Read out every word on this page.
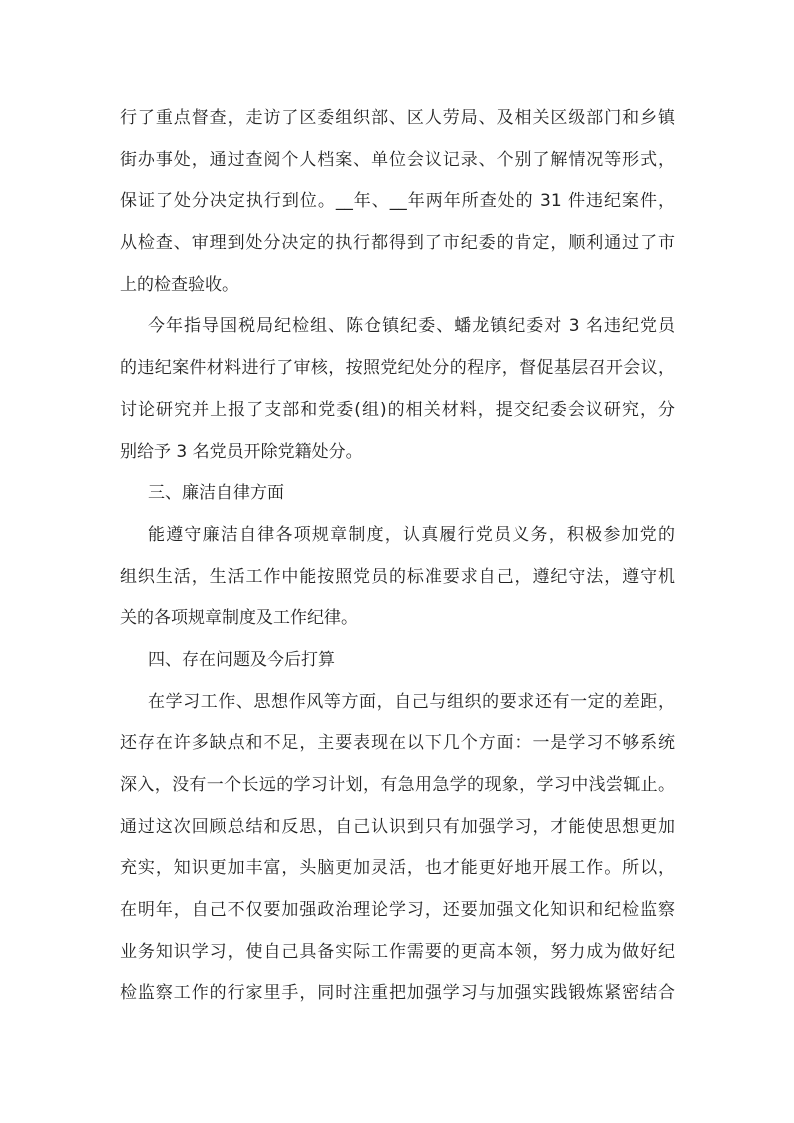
行了重点督查，走访了区委组织部、区人劳局、及相关区级部门和乡镇
街办事处，通过查阅个人档案、单位会议记录、个别了解情况等形式，
保证了处分决定执行到位。__年、__年两年所查处的 31 件违纪案件，
从检查、审理到处分决定的执行都得到了市纪委的肯定，顺利通过了市
上的检查验收。
今年指导国税局纪检组、陈仓镇纪委、蟠龙镇纪委对 3 名违纪党员
的违纪案件材料进行了审核，按照党纪处分的程序，督促基层召开会议，
讨论研究并上报了支部和党委(组)的相关材料，提交纪委会议研究，分
别给予 3 名党员开除党籍处分。
三、廉洁自律方面
能遵守廉洁自律各项规章制度，认真履行党员义务，积极参加党的
组织生活，生活工作中能按照党员的标准要求自己，遵纪守法，遵守机
关的各项规章制度及工作纪律。
四、存在问题及今后打算
在学习工作、思想作风等方面，自己与组织的要求还有一定的差距，
还存在许多缺点和不足，主要表现在以下几个方面：一是学习不够系统
深入，没有一个长远的学习计划，有急用急学的现象，学习中浅尝辄止。
通过这次回顾总结和反思，自己认识到只有加强学习，才能使思想更加
充实，知识更加丰富，头脑更加灵活，也才能更好地开展工作。所以，
在明年，自己不仅要加强政治理论学习，还要加强文化知识和纪检监察
业务知识学习，使自己具备实际工作需要的更高本领，努力成为做好纪
检监察工作的行家里手，同时注重把加强学习与加强实践锻炼紧密结合
